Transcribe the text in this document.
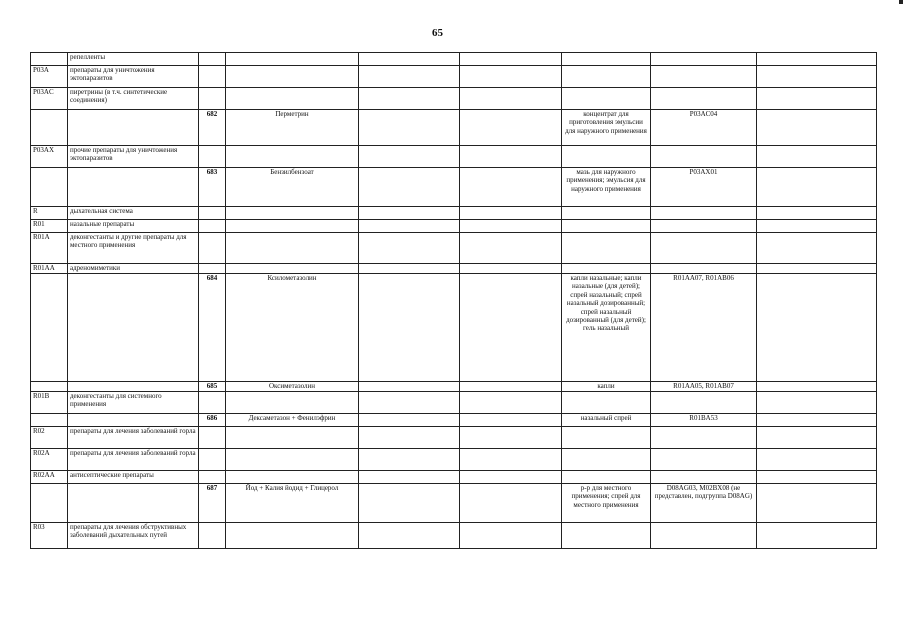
65
	репелленты							
P03A	препараты для уничтожения эктопаразитов							
P03AC	пиретрины (в т.ч. синтетические соединения)							
		682	Перметрин			концентрат для приготовления эмульсии для наружного применения	P03AC04	
P03AX	прочие препараты для уничтожения эктопаразитов							
		683	Бензилбензоат			мазь для наружного применения; эмульсия для наружного применения	P03AX01	
R	дыхательная система							
R01	назальные препараты							
R01A	деконгестанты и другие препараты для местного применения							
R01AA	адреномиметики							
		684	Ксилометазолин			капли назальные; капли назальные (для детей); спрей назальный; спрей назальный дозированный; спрей назальный дозированный (для детей); гель назальный	R01AA07, R01AB06	
		685	Оксиметазолин			капли	R01AA05, R01AB07	
R01B	деконгестанты для системного применения							
		686	Дексаметазон + Фенилэфрин			назальный спрей	R01BA53	
R02	препараты для лечения заболеваний горла							
R02A	препараты для лечения заболеваний горла							
R02AA	антисептические препараты							
		687	Йод + Калия йодид + Глицерол			р-р для местного применения; спрей для местного применения	D08AG03, M02BX08 (не представлен, подгруппа D08AG)	
R03	препараты для лечения обструктивных заболеваний дыхательных путей							
